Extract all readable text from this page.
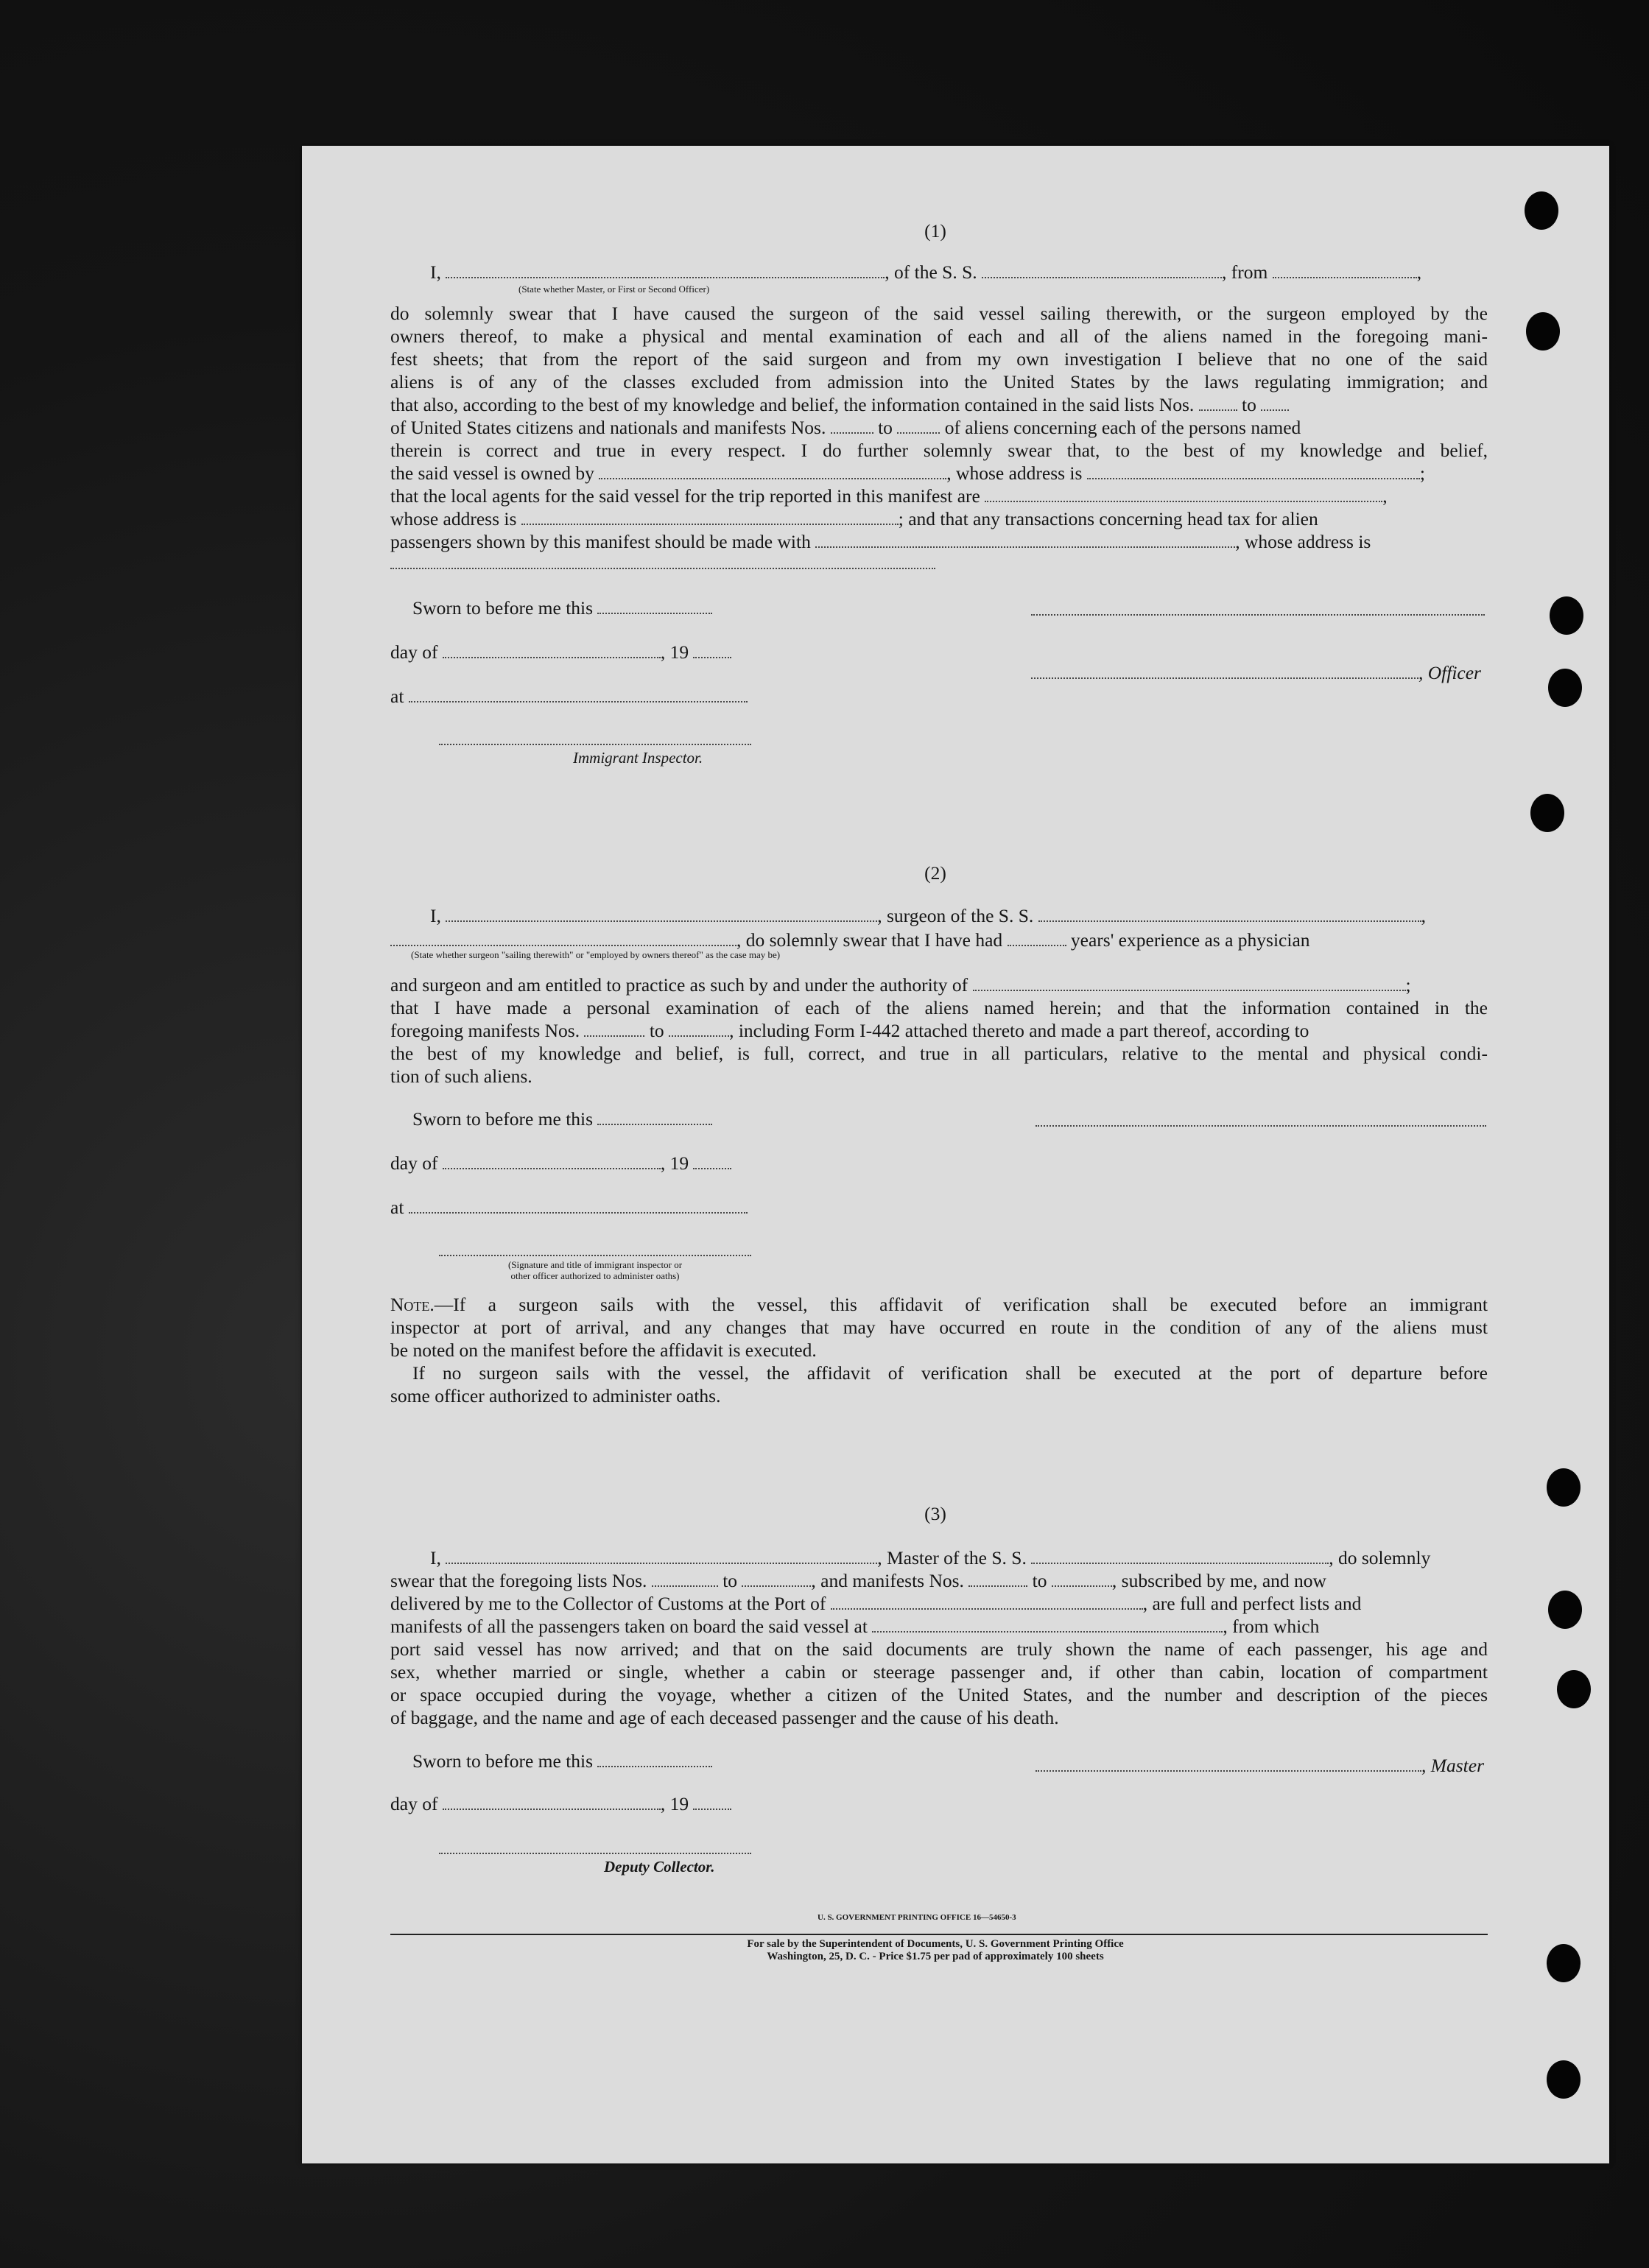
(1)
I,	, of the S. S.	, from	,
(State whether Master, or First or Second Officer)
do solemnly swear that I have caused the surgeon of the said vessel sailing therewith, or the surgeon employed by the
owners thereof, to make a physical and mental examination of each and all of the aliens named in the foregoing mani-
fest sheets; that from the report of the said surgeon and from my own investigation I believe that no one of the said
aliens is of any of the classes excluded from admission into the United States by the laws regulating immigration; and
that also, according to the best of my knowledge and belief, the information contained in the said lists Nos.	to
of United States citizens and nationals and manifests Nos.	to	of aliens concerning each of the persons named
therein is correct and true in every respect. I do further solemnly swear that, to the best of my knowledge and belief,
the said vessel is owned by	, whose address is	;
that the local agents for the said vessel for the trip reported in this manifest are	,
whose address is	; and that any transactions concerning head tax for alien
passengers shown by this manifest should be made with	, whose address is
Sworn to before me this
day of	, 19
, Officer
at
Immigrant Inspector.
(2)
I,	, surgeon of the S. S.	,
, do solemnly swear that I have had	years' experience as a physician
(State whether surgeon "sailing therewith" or "employed by owners thereof" as the case may be)
and surgeon and am entitled to practice as such by and under the authority of	;
that I have made a personal examination of each of the aliens named herein; and that the information contained in the
foregoing manifests Nos.	to	, including Form I-442 attached thereto and made a part thereof, according to
the best of my knowledge and belief, is full, correct, and true in all particulars, relative to the mental and physical condi-
tion of such aliens.
Sworn to before me this
day of	, 19
at
(Signature and title of immigrant inspector or
other officer authorized to administer oaths)
Note.—If a surgeon sails with the vessel, this affidavit of verification shall be executed before an immigrant
inspector at port of arrival, and any changes that may have occurred en route in the condition of any of the aliens must
be noted on the manifest before the affidavit is executed.
If no surgeon sails with the vessel, the affidavit of verification shall be executed at the port of departure before
some officer authorized to administer oaths.
(3)
I,	, Master of the S. S.	, do solemnly
swear that the foregoing lists Nos.	to	, and manifests Nos.	to	, subscribed by me, and now
delivered by me to the Collector of Customs at the Port of	, are full and perfect lists and
manifests of all the passengers taken on board the said vessel at	, from which
port said vessel has now arrived; and that on the said documents are truly shown the name of each passenger, his age and
sex, whether married or single, whether a cabin or steerage passenger and, if other than cabin, location of compartment
or space occupied during the voyage, whether a citizen of the United States, and the number and description of the pieces
of baggage, and the name and age of each deceased passenger and the cause of his death.
Sworn to before me this	, Master
day of	, 19
Deputy Collector.
U. S. GOVERNMENT PRINTING OFFICE 16—54650-3
For sale by the Superintendent of Documents, U. S. Government Printing Office
Washington, 25, D. C. - Price $1.75 per pad of approximately 100 sheets
